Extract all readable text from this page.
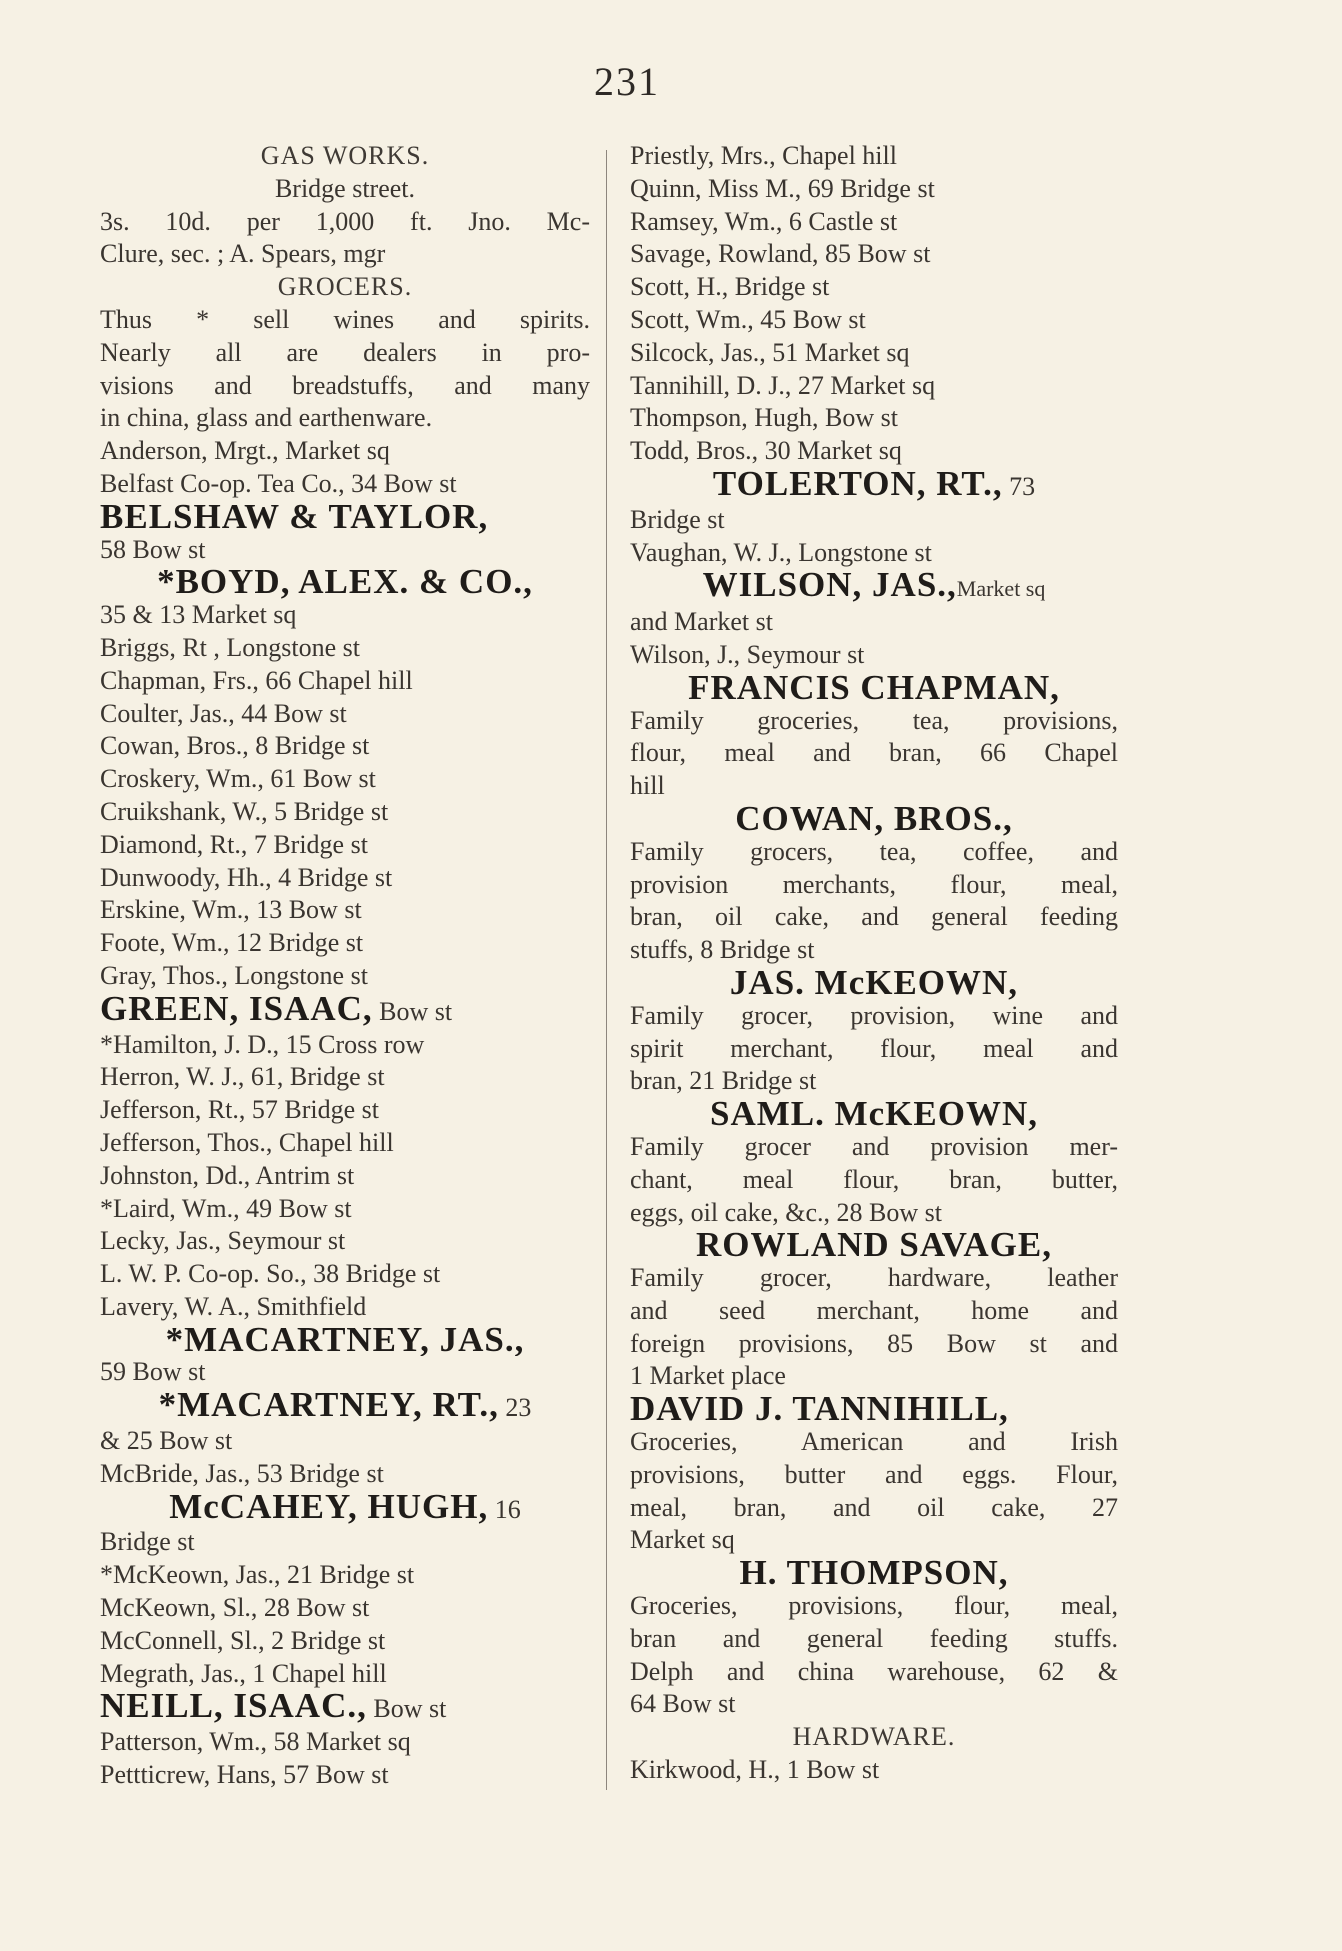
231
GAS WORKS.
Bridge street.
3s. 10d. per 1,000 ft. Jno. Mc-
Clure, sec. ; A. Spears, mgr
GROCERS.
Thus * sell wines and spirits.
Nearly all are dealers in pro-
visions and breadstuffs, and many
in china, glass and earthenware.
Anderson, Mrgt., Market sq
Belfast Co-op. Tea Co., 34 Bow st
BELSHAW & TAYLOR,
58 Bow st
*BOYD, ALEX. & CO.,
35 & 13 Market sq
Briggs, Rt , Longstone st
Chapman, Frs., 66 Chapel hill
Coulter, Jas., 44 Bow st
Cowan, Bros., 8 Bridge st
Croskery, Wm., 61 Bow st
Cruikshank, W., 5 Bridge st
Diamond, Rt., 7 Bridge st
Dunwoody, Hh., 4 Bridge st
Erskine, Wm., 13 Bow st
Foote, Wm., 12 Bridge st
Gray, Thos., Longstone st
GREEN, ISAAC, Bow st
*Hamilton, J. D., 15 Cross row
Herron, W. J., 61, Bridge st
Jefferson, Rt., 57 Bridge st
Jefferson, Thos., Chapel hill
Johnston, Dd., Antrim st
*Laird, Wm., 49 Bow st
Lecky, Jas., Seymour st
L. W. P. Co-op. So., 38 Bridge st
Lavery, W. A., Smithfield
*MACARTNEY, JAS.,
59 Bow st
*MACARTNEY, RT., 23
& 25 Bow st
McBride, Jas., 53 Bridge st
McCAHEY, HUGH, 16
Bridge st
*McKeown, Jas., 21 Bridge st
McKeown, Sl., 28 Bow st
McConnell, Sl., 2 Bridge st
Megrath, Jas., 1 Chapel hill
NEILL, ISAAC., Bow st
Patterson, Wm., 58 Market sq
Pettticrew, Hans, 57 Bow st
Priestly, Mrs., Chapel hill
Quinn, Miss M., 69 Bridge st
Ramsey, Wm., 6 Castle st
Savage, Rowland, 85 Bow st
Scott, H., Bridge st
Scott, Wm., 45 Bow st
Silcock, Jas., 51 Market sq
Tannihill, D. J., 27 Market sq
Thompson, Hugh, Bow st
Todd, Bros., 30 Market sq
TOLERTON, RT., 73
Bridge st
Vaughan, W. J., Longstone st
WILSON, JAS.,Market sq
and Market st
Wilson, J., Seymour st
FRANCIS CHAPMAN,
Family groceries, tea, provisions,
flour, meal and bran, 66 Chapel
hill
COWAN, BROS.,
Family grocers, tea, coffee, and
provision merchants, flour, meal,
bran, oil cake, and general feeding
stuffs, 8 Bridge st
JAS. McKEOWN,
Family grocer, provision, wine and
spirit merchant, flour, meal and
bran, 21 Bridge st
SAML. McKEOWN,
Family grocer and provision mer-
chant, meal flour, bran, butter,
eggs, oil cake, &c., 28 Bow st
ROWLAND SAVAGE,
Family grocer, hardware, leather
and seed merchant, home and
foreign provisions, 85 Bow st and
1 Market place
DAVID J. TANNIHILL,
Groceries, American and Irish
provisions, butter and eggs. Flour,
meal, bran, and oil cake, 27
Market sq
H. THOMPSON,
Groceries, provisions, flour, meal,
bran and general feeding stuffs.
Delph and china warehouse, 62 &
64 Bow st
HARDWARE.
Kirkwood, H., 1 Bow st
